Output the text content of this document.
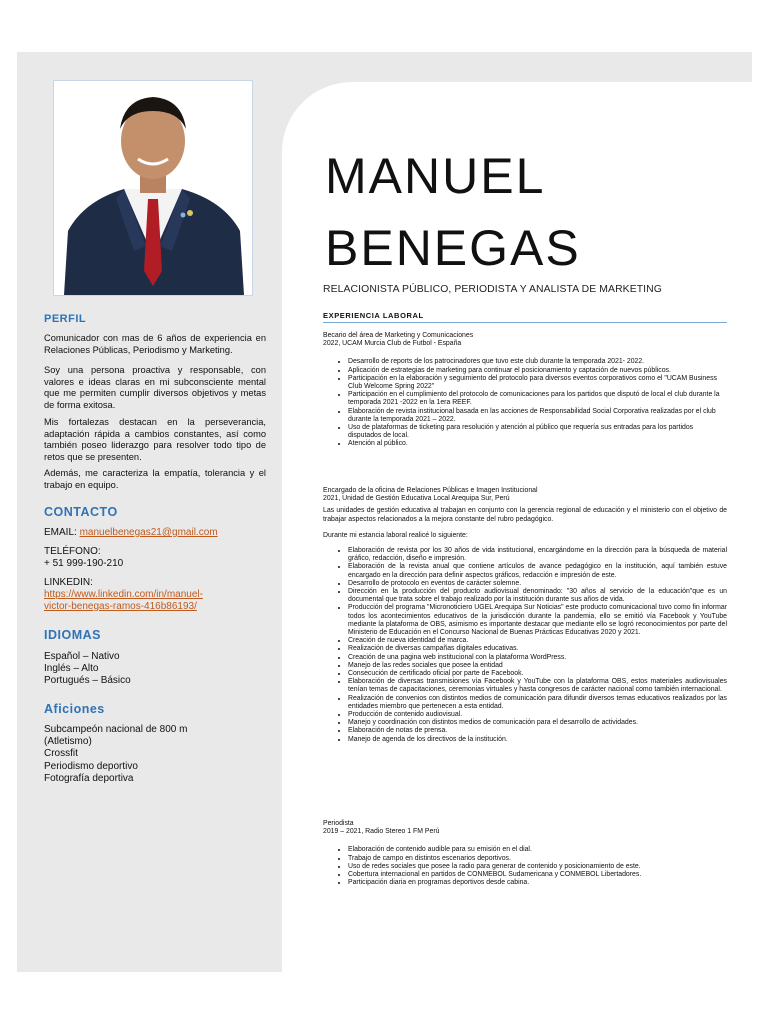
PERFIL
Comunicador con mas de 6 años de experiencia en Relaciones Públicas, Periodismo y Marketing.
Soy una persona proactiva y responsable, con valores e ideas claras en mi subconsciente mental que me permiten cumplir diversos objetivos y metas de forma exitosa.
Mis fortalezas destacan en la perseverancia, adaptación rápida a cambios constantes, así como también poseo liderazgo para resolver todo tipo de retos que se presenten.
Además, me caracteriza la empatía, tolerancia y el trabajo en equipo.
CONTACTO
EMAIL: manuelbenegas21@gmail.com
TELÉFONO:
+ 51 999-190-210
LINKEDIN:
https://www.linkedin.com/in/manuel-
victor-benegas-ramos-416b86193/
IDIOMAS
Español – Nativo
Inglés – Alto
Portugués – Básico
Aficiones
Subcampeón nacional de 800 m
(Atletismo)
Crossfit
Periodismo deportivo
Fotografía deportiva
MANUEL
BENEGAS
RELACIONISTA PÚBLICO, PERIODISTA Y ANALISTA DE MARKETING
EXPERIENCIA LABORAL

Becario del área de Marketing y Comunicaciones

2022, UCAM Murcia Club de Futbol - España

• Desarrollo de reports de los patrocinadores que tuvo este club durante la temporada 2021- 2022.
• Aplicación de estrategias de marketing para continuar el posicionamiento y captación de nuevos públicos.
• Participación en la elaboración y seguimiento del protocolo para diversos eventos corporativos como el "UCAM Business Club Welcome Spring 2022"
• Participación en el cumplimiento del protocolo de comunicaciones para los partidos que disputó de local el club durante la temporada 2021 -2022 en la 1era REEF.
• Elaboración de revista institucional basada en las acciones de Responsabilidad Social Corporativa realizadas por el club durante la temporada 2021 – 2022.
• Uso de plataformas de ticketing para resolución y atención al público que requería sus entradas para los partidos disputados de local.
• Atención al público.

Encargado de la oficina de Relaciones Públicas e Imagen Institucional

2021, Unidad de Gestión Educativa Local Arequipa Sur, Perú

Las unidades de gestión educativa al trabajan en conjunto con la gerencia regional de educación y el ministerio con el objetivo de trabajar aspectos relacionados a la mejora constante del rubro pedagógico.

Durante mi estancia laboral realicé lo siguiente:

• Elaboración de revista por los 30 años de vida institucional, encargándome en la dirección para la búsqueda de material gráfico, redacción, diseño e impresión.
• Elaboración de la revista anual que contiene artículos de avance pedagógico en la institución, aquí también estuve encargado en la dirección para definir aspectos gráficos, redacción e impresión de este.
• Desarrollo de protocolo en eventos de carácter solemne.
• Dirección en la producción del producto audiovisual denominado: "30 años al servicio de la educación"que es un documental que trata sobre el trabajo realizado por la institución durante sus años de vida.
• Producción del programa "Micronoticiero UGEL Arequipa Sur Noticias" este producto comunicacional tuvo como fin informar todos los acontecimientos educativos de la jurisdicción durante la pandemia, ello se emitió vía Facebook y YouTube mediante la plataforma de OBS, asimismo es importante destacar que mediante ello se logró reconocimientos por parte del Ministerio de Educación en el Concurso Nacional de Buenas Prácticas Educativas 2020 y 2021.
• Creación de nueva identidad de marca.
• Realización de diversas campañas digitales educativas.
• Creación de una pagina web institucional con la plataforma WordPress.
• Manejo de las redes sociales que posee la entidad
• Consecución de certificado oficial por parte de Facebook.
• Elaboración de diversas transmisiones vía Facebook y YouTube con la plataforma OBS, estos materiales audiovisuales tenían temas de capacitaciones, ceremonias virtuales y hasta congresos de carácter nacional como también internacional.
• Realización de convenios con distintos medios de comunicación para difundir diversos temas educativos realizados por las entidades miembro que pertenecen a esta entidad.
• Producción de contenido audiovisual.
• Manejo y coordinación con distintos medios de comunicación para el desarrollo de actividades.
• Elaboración de notas de prensa.
• Manejo de agenda de los directivos de la institución.

Periodista

2019 – 2021, Radio Stereo 1 FM Perú

• Elaboración de contenido audible para su emisión en el dial.
• Trabajo de campo en distintos escenarios deportivos.
• Uso de redes sociales que posee la radio para generar de contenido y posicionamiento de este.
• Cobertura internacional en partidos de CONMEBOL Sudamericana y CONMEBOL Libertadores.
• Participación diaria en programas deportivos desde cabina.
